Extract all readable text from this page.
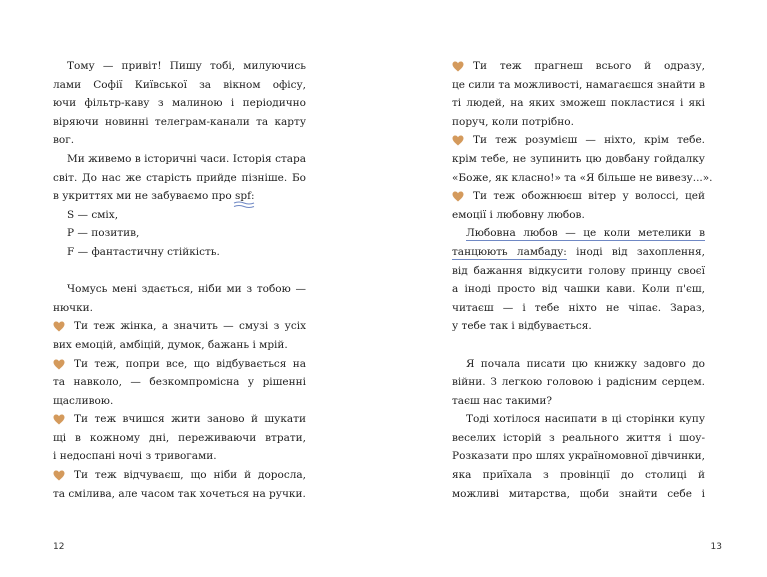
Тому — привіт! Пишу тобі, милуючись
лами Софії Київської за вікном офісу,
ючи фільтр-каву з малиною і періодично
віряючи новинні телеграм-канали та карту
вог.
Ми живемо в історичні часи. Історія стара
світ. До нас же старість прийде пізніше. Бо
в укриттях ми не забуваємо про spf:
S — сміх,
P — позитив,
F — фантастичну стійкість.
Чомусь мені здається, ніби ми з тобою —
нючки.
Ти теж жінка, а значить — смузі з усіх
вих емоцій, амбіцій, думок, бажань і мрій.
Ти теж, попри все, що відбувається на
та навколо, — безкомпромісна у рішенні
щасливою.
Ти теж вчишся жити заново й шукати
щі в кожному дні, переживаючи втрати,
і недоспані ночі з тривогами.
Ти теж відчуваєш, що ніби й доросла,
та смілива, але часом так хочеться на ручки.
12
Ти теж прагнеш всього й одразу,
це сили та можливості, намагаєшся знайти в
ті людей, на яких зможеш покластися і які
поруч, коли потрібно.
Ти теж розумієш — ніхто, крім тебе.
крім тебе, не зупинить цю довбану гойдалку
«Боже, як класно!» та «Я більше не вивезу...».
Ти теж обожнюєш вітер у волоссі, цей
емоції і любовну любов.
Любовна любов — це коли метелики в
танцюють ламбаду: іноді від захоплення,
від бажання відкусити голову принцу своєї
а іноді просто від чашки кави. Коли п'єш,
читаєш — і тебе ніхто не чіпає. Зараз,
у тебе так і відбувається.
Я почала писати цю книжку задовго до
війни. З легкою головою і радісним серцем.
таєш нас такими?
Тоді хотілося насипати в ці сторінки купу
веселих історій з реального життя і шоу-
Розказати про шлях україномовної дівчинки,
яка приїхала з провінції до столиці й
можливі митарства, щоби знайти себе і
13
